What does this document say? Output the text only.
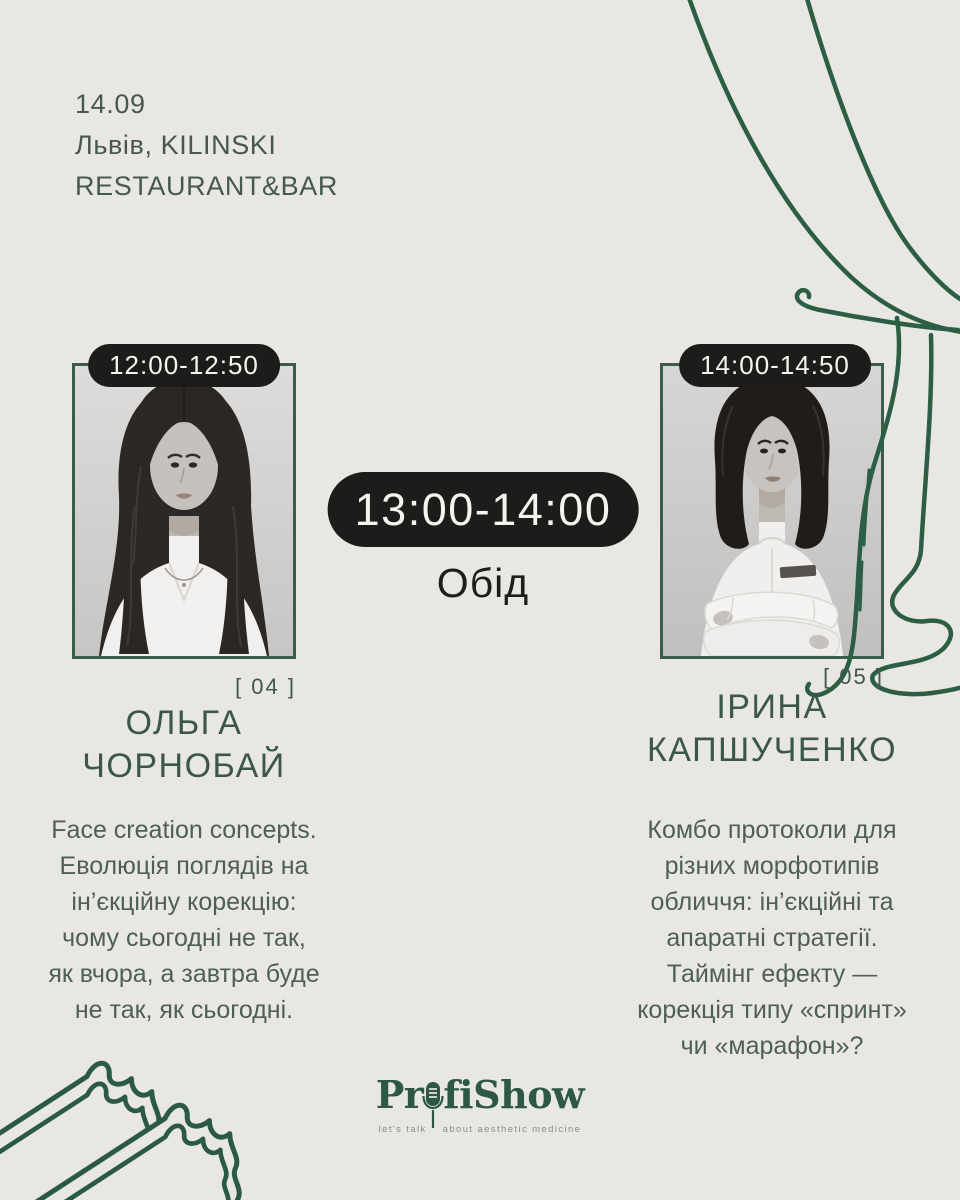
14.09
Львів, KILINSKI
RESTAURANT&BAR
12:00-12:50
[ 04 ]
ОЛЬГА
ЧОРНОБАЙ
Face creation concepts.
Еволюція поглядів на
ін’єкційну корекцію:
чому сьогодні не так,
як вчора, а завтра буде
не так, як сьогодні.
13:00-14:00
Обід
14:00-14:50
[ 05 ]
ІРИНА
КАПШУЧЕНКО
Комбо протоколи для
різних морфотипів
обличчя: ін’єкційні та
апаратні стратегії.
Таймінг ефекту —
корекція типу «спринт»
чи «марафон»?
Pr fi Show
let's talk about aesthetic medicine
